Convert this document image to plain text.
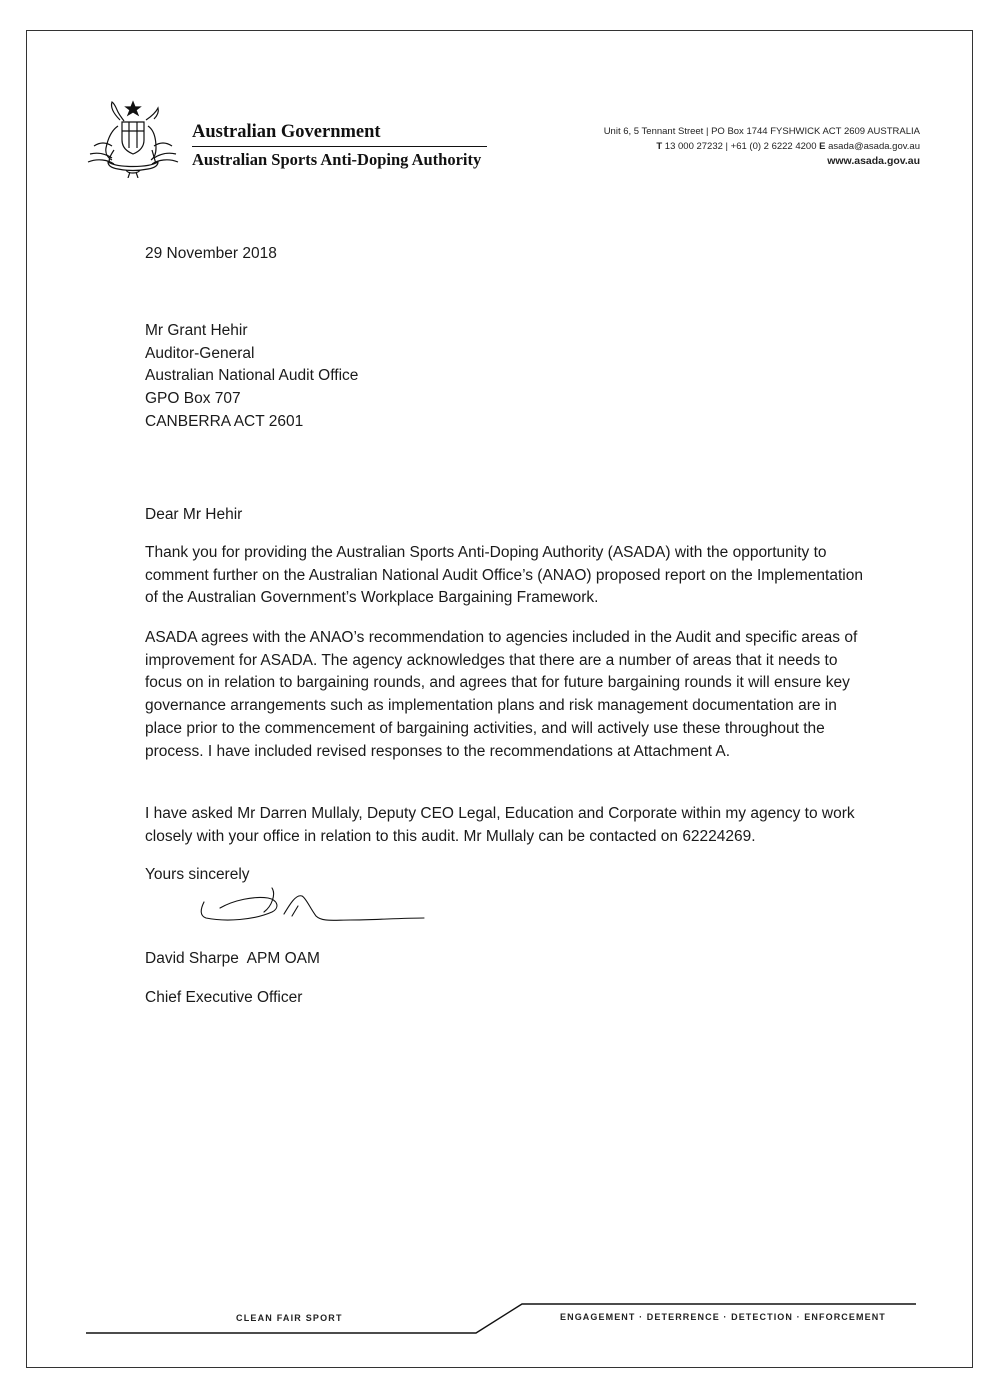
Australian Government
Australian Sports Anti-Doping Authority
Unit 6, 5 Tennant Street | PO Box 1744 FYSHWICK ACT 2609 AUSTRALIA
T 13 000 27232 | +61 (0) 2 6222 4200 E asada@asada.gov.au
www.asada.gov.au
29 November 2018
Mr Grant Hehir
Auditor-General
Australian National Audit Office
GPO Box 707
CANBERRA ACT 2601
Dear Mr Hehir
Thank you for providing the Australian Sports Anti-Doping Authority (ASADA) with the opportunity to comment further on the Australian National Audit Office’s (ANAO) proposed report on the Implementation of the Australian Government’s Workplace Bargaining Framework.
ASADA agrees with the ANAO’s recommendation to agencies included in the Audit and specific areas of improvement for ASADA. The agency acknowledges that there are a number of areas that it needs to focus on in relation to bargaining rounds, and agrees that for future bargaining rounds it will ensure key governance arrangements such as implementation plans and risk management documentation are in place prior to the commencement of bargaining activities, and will actively use these throughout the process. I have included revised responses to the recommendations at Attachment A.
I have asked Mr Darren Mullaly, Deputy CEO Legal, Education and Corporate within my agency to work closely with your office in relation to this audit. Mr Mullaly can be contacted on 62224269.
Yours sincerely
David Sharpe  APM OAM
Chief Executive Officer
CLEAN FAIR SPORT	ENGAGEMENT · DETERRENCE · DETECTION · ENFORCEMENT
